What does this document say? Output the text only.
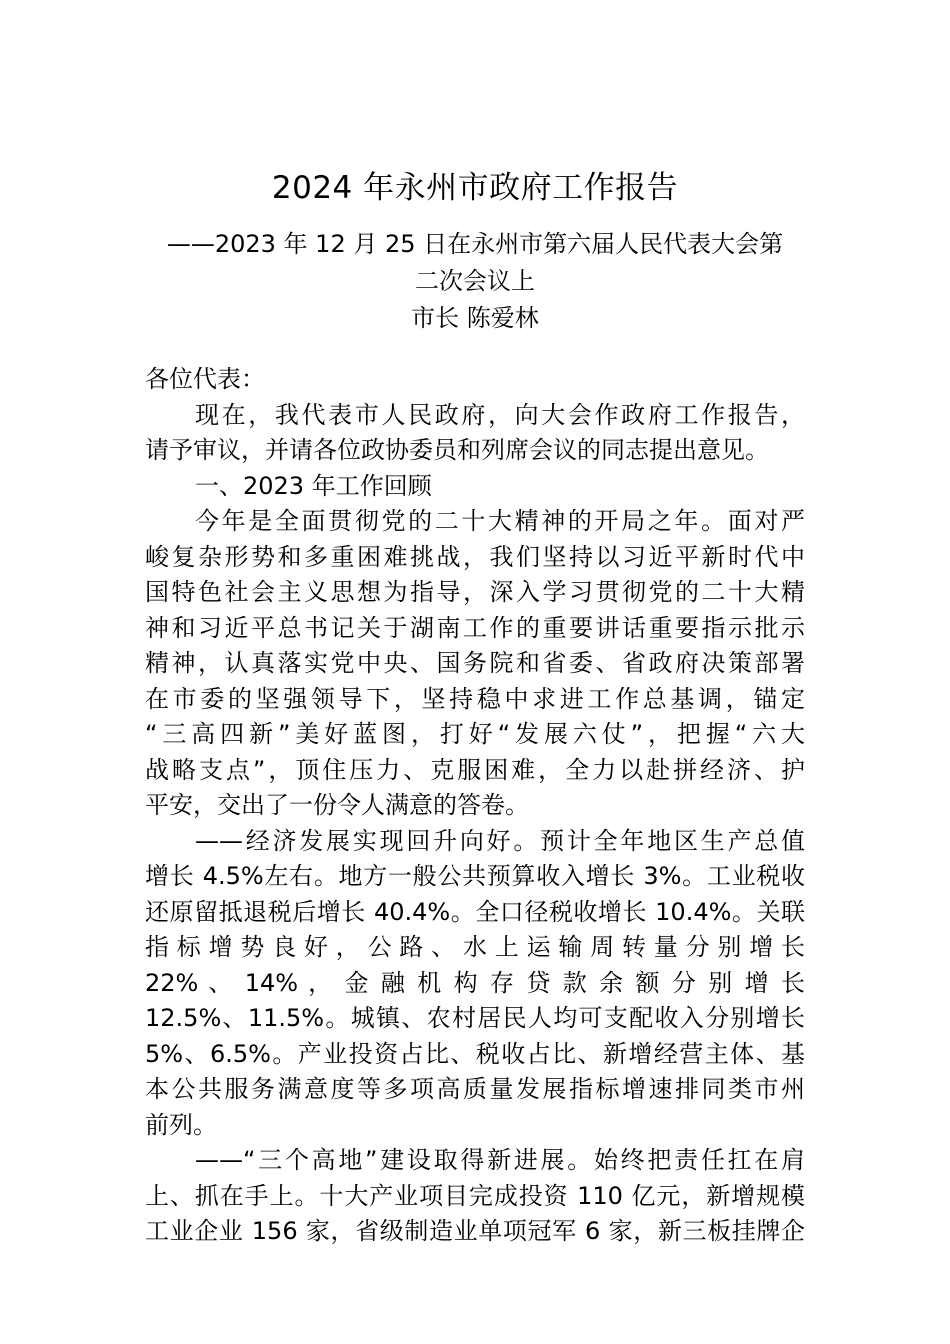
2024 年永州市政府工作报告
——2023 年 12 月 25 日在永州市第六届人民代表大会第
二次会议上
市长 陈爱林
各位代表：
现在，我代表市人民政府，向大会作政府工作报告，
请予审议，并请各位政协委员和列席会议的同志提出意见。
一、2023 年工作回顾
今年是全面贯彻党的二十大精神的开局之年。面对严
峻复杂形势和多重困难挑战，我们坚持以习近平新时代中
国特色社会主义思想为指导，深入学习贯彻党的二十大精
神和习近平总书记关于湖南工作的重要讲话重要指示批示
精神，认真落实党中央、国务院和省委、省政府决策部署
在市委的坚强领导下，坚持稳中求进工作总基调，锚定
“三高四新”美好蓝图，打好“发展六仗”，把握“六大
战略支点”，顶住压力、克服困难，全力以赴拼经济、护
平安，交出了一份令人满意的答卷。
——经济发展实现回升向好。预计全年地区生产总值
增长 4.5%左右。地方一般公共预算收入增长 3%。工业税收
还原留抵退税后增长 40.4%。全口径税收增长 10.4%。关联
指标增势良好，公路、水上运输周转量分别增长
22% 、 14% ， 金 融 机 构 存 贷 款 余 额 分 别 增 长
12.5%、11.5%。城镇、农村居民人均可支配收入分别增长
5%、6.5%。产业投资占比、税收占比、新增经营主体、基
本公共服务满意度等多项高质量发展指标增速排同类市州
前列。
——“三个高地”建设取得新进展。始终把责任扛在肩
上、抓在手上。十大产业项目完成投资 110 亿元，新增规模
工业企业 156 家，省级制造业单项冠军 6 家，新三板挂牌企
